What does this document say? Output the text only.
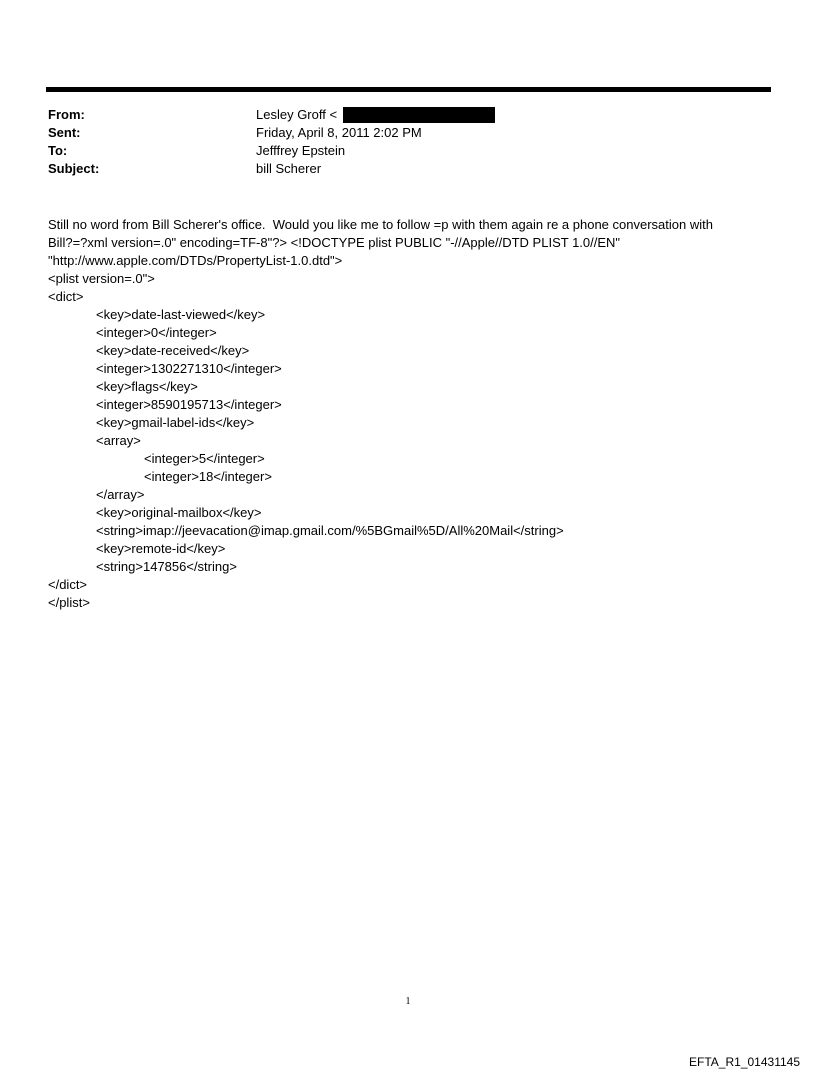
From:	Lesley Groff <
Sent:	Friday, April 8, 2011 2:02 PM
To:	Jefffrey Epstein
Subject:	bill Scherer
Still no word from Bill Scherer's office.  Would you like me to follow =p with them again re a phone conversation with
Bill?=?xml version=.0" encoding=TF-8"?> <!DOCTYPE plist PUBLIC "-//Apple//DTD PLIST 1.0//EN"
"http://www.apple.com/DTDs/PropertyList-1.0.dtd">
<plist version=.0">
<dict>
<key>date-last-viewed</key>
<integer>0</integer>
<key>date-received</key>
<integer>1302271310</integer>
<key>flags</key>
<integer>8590195713</integer>
<key>gmail-label-ids</key>
<array>
<integer>5</integer>
<integer>18</integer>
</array>
<key>original-mailbox</key>
<string>imap://jeevacation@imap.gmail.com/%5BGmail%5D/All%20Mail</string>
<key>remote-id</key>
<string>147856</string>
</dict>
</plist>
1
EFTA_R1_01431145
